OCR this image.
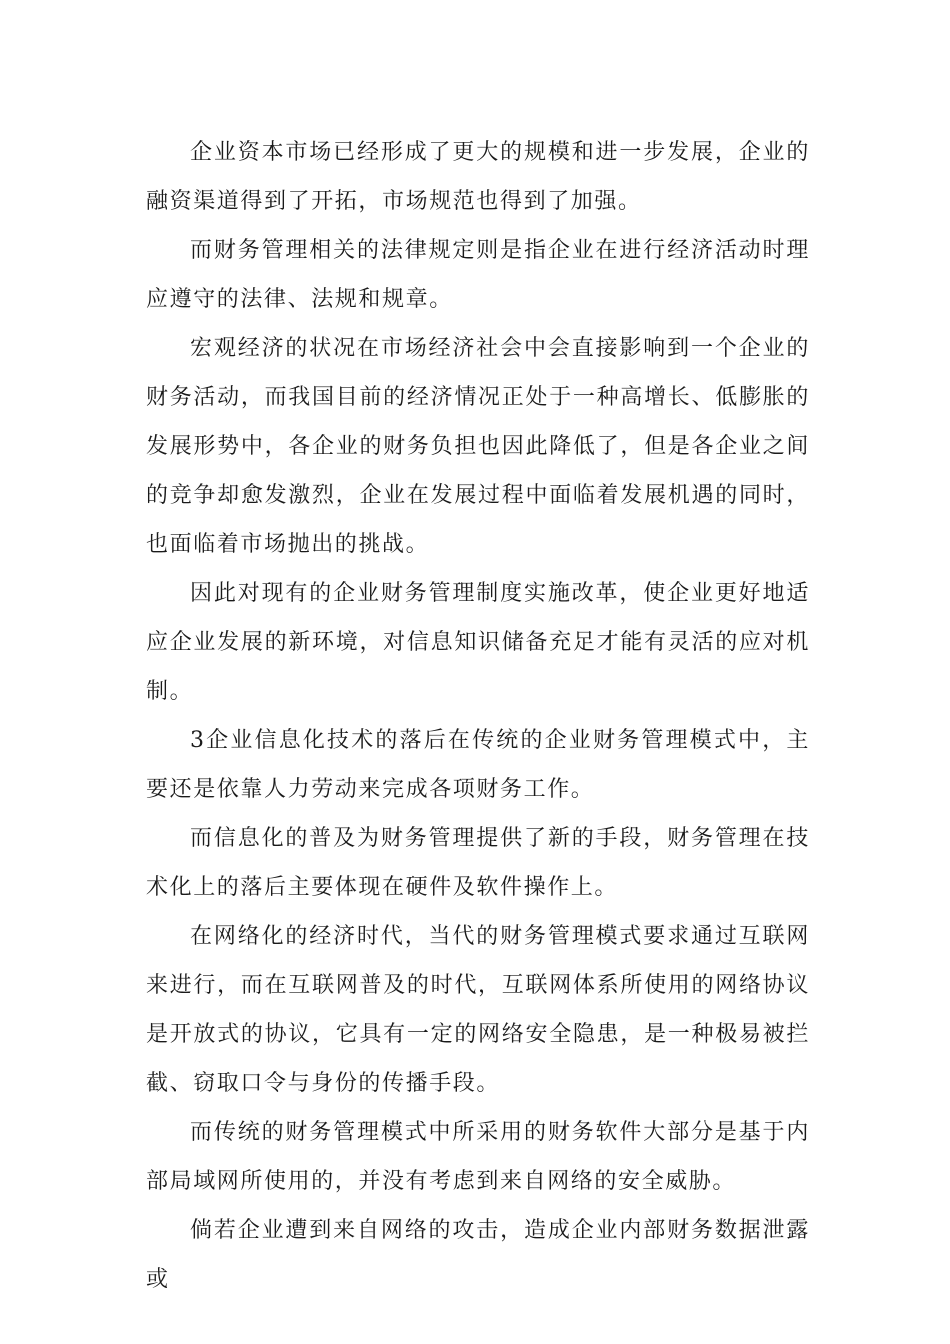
企业资本市场已经形成了更大的规模和进一步发展，企业的融资渠道得到了开拓，市场规范也得到了加强。

而财务管理相关的法律规定则是指企业在进行经济活动时理应遵守的法律、法规和规章。

宏观经济的状况在市场经济社会中会直接影响到一个企业的财务活动，而我国目前的经济情况正处于一种高增长、低膨胀的发展形势中，各企业的财务负担也因此降低了，但是各企业之间的竞争却愈发激烈，企业在发展过程中面临着发展机遇的同时，也面临着市场抛出的挑战。

因此对现有的企业财务管理制度实施改革，使企业更好地适应企业发展的新环境，对信息知识储备充足才能有灵活的应对机制。

3企业信息化技术的落后在传统的企业财务管理模式中，主要还是依靠人力劳动来完成各项财务工作。

而信息化的普及为财务管理提供了新的手段，财务管理在技术化上的落后主要体现在硬件及软件操作上。

在网络化的经济时代，当代的财务管理模式要求通过互联网来进行，而在互联网普及的时代，互联网体系所使用的网络协议是开放式的协议，它具有一定的网络安全隐患，是一种极易被拦截、窃取口令与身份的传播手段。

而传统的财务管理模式中所采用的财务软件大部分是基于内部局域网所使用的，并没有考虑到来自网络的安全威胁。

倘若企业遭到来自网络的攻击，造成企业内部财务数据泄露或
